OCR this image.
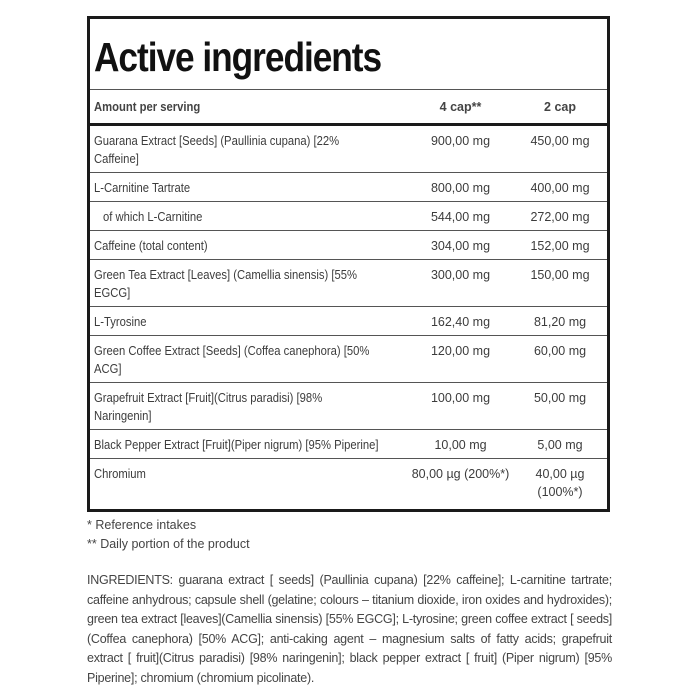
Active ingredients
Amount per serving	4 cap**	2 cap
Guarana Extract [Seeds] (Paullinia cupana) [22% Caffeine]	900,00 mg	450,00 mg
L-Carnitine Tartrate	800,00 mg	400,00 mg
of which L-Carnitine	544,00 mg	272,00 mg
Caffeine (total content)	304,00 mg	152,00 mg
Green Tea Extract [Leaves] (Camellia sinensis) [55% EGCG]	300,00 mg	150,00 mg
L-Tyrosine	162,40 mg	81,20 mg
Green Coffee Extract [Seeds] (Coffea canephora) [50% ACG]	120,00 mg	60,00 mg
Grapefruit Extract [Fruit](Citrus paradisi) [98% Naringenin]	100,00 mg	50,00 mg
Black Pepper Extract [Fruit](Piper nigrum) [95% Piperine]	10,00 mg	5,00 mg
Chromium	80,00 µg (200%*)	40,00 µg (100%*)
* Reference intakes
** Daily portion of the product
INGREDIENTS: guarana extract [ seeds] (Paullinia cupana) [22% caffeine]; L-carnitine tartrate; caffeine anhydrous; capsule shell (gelatine; colours – titanium dioxide, iron oxides and hydroxides); green tea extract [leaves](Camellia sinensis) [55% EGCG]; L-tyrosine; green coffee extract [ seeds] (Coffea canephora) [50% ACG]; anti-caking agent – magnesium salts of fatty acids; grapefruit extract [ fruit](Citrus paradisi) [98% naringenin]; black pepper extract [ fruit] (Piper nigrum) [95% Piperine]; chromium (chromium picolinate).
